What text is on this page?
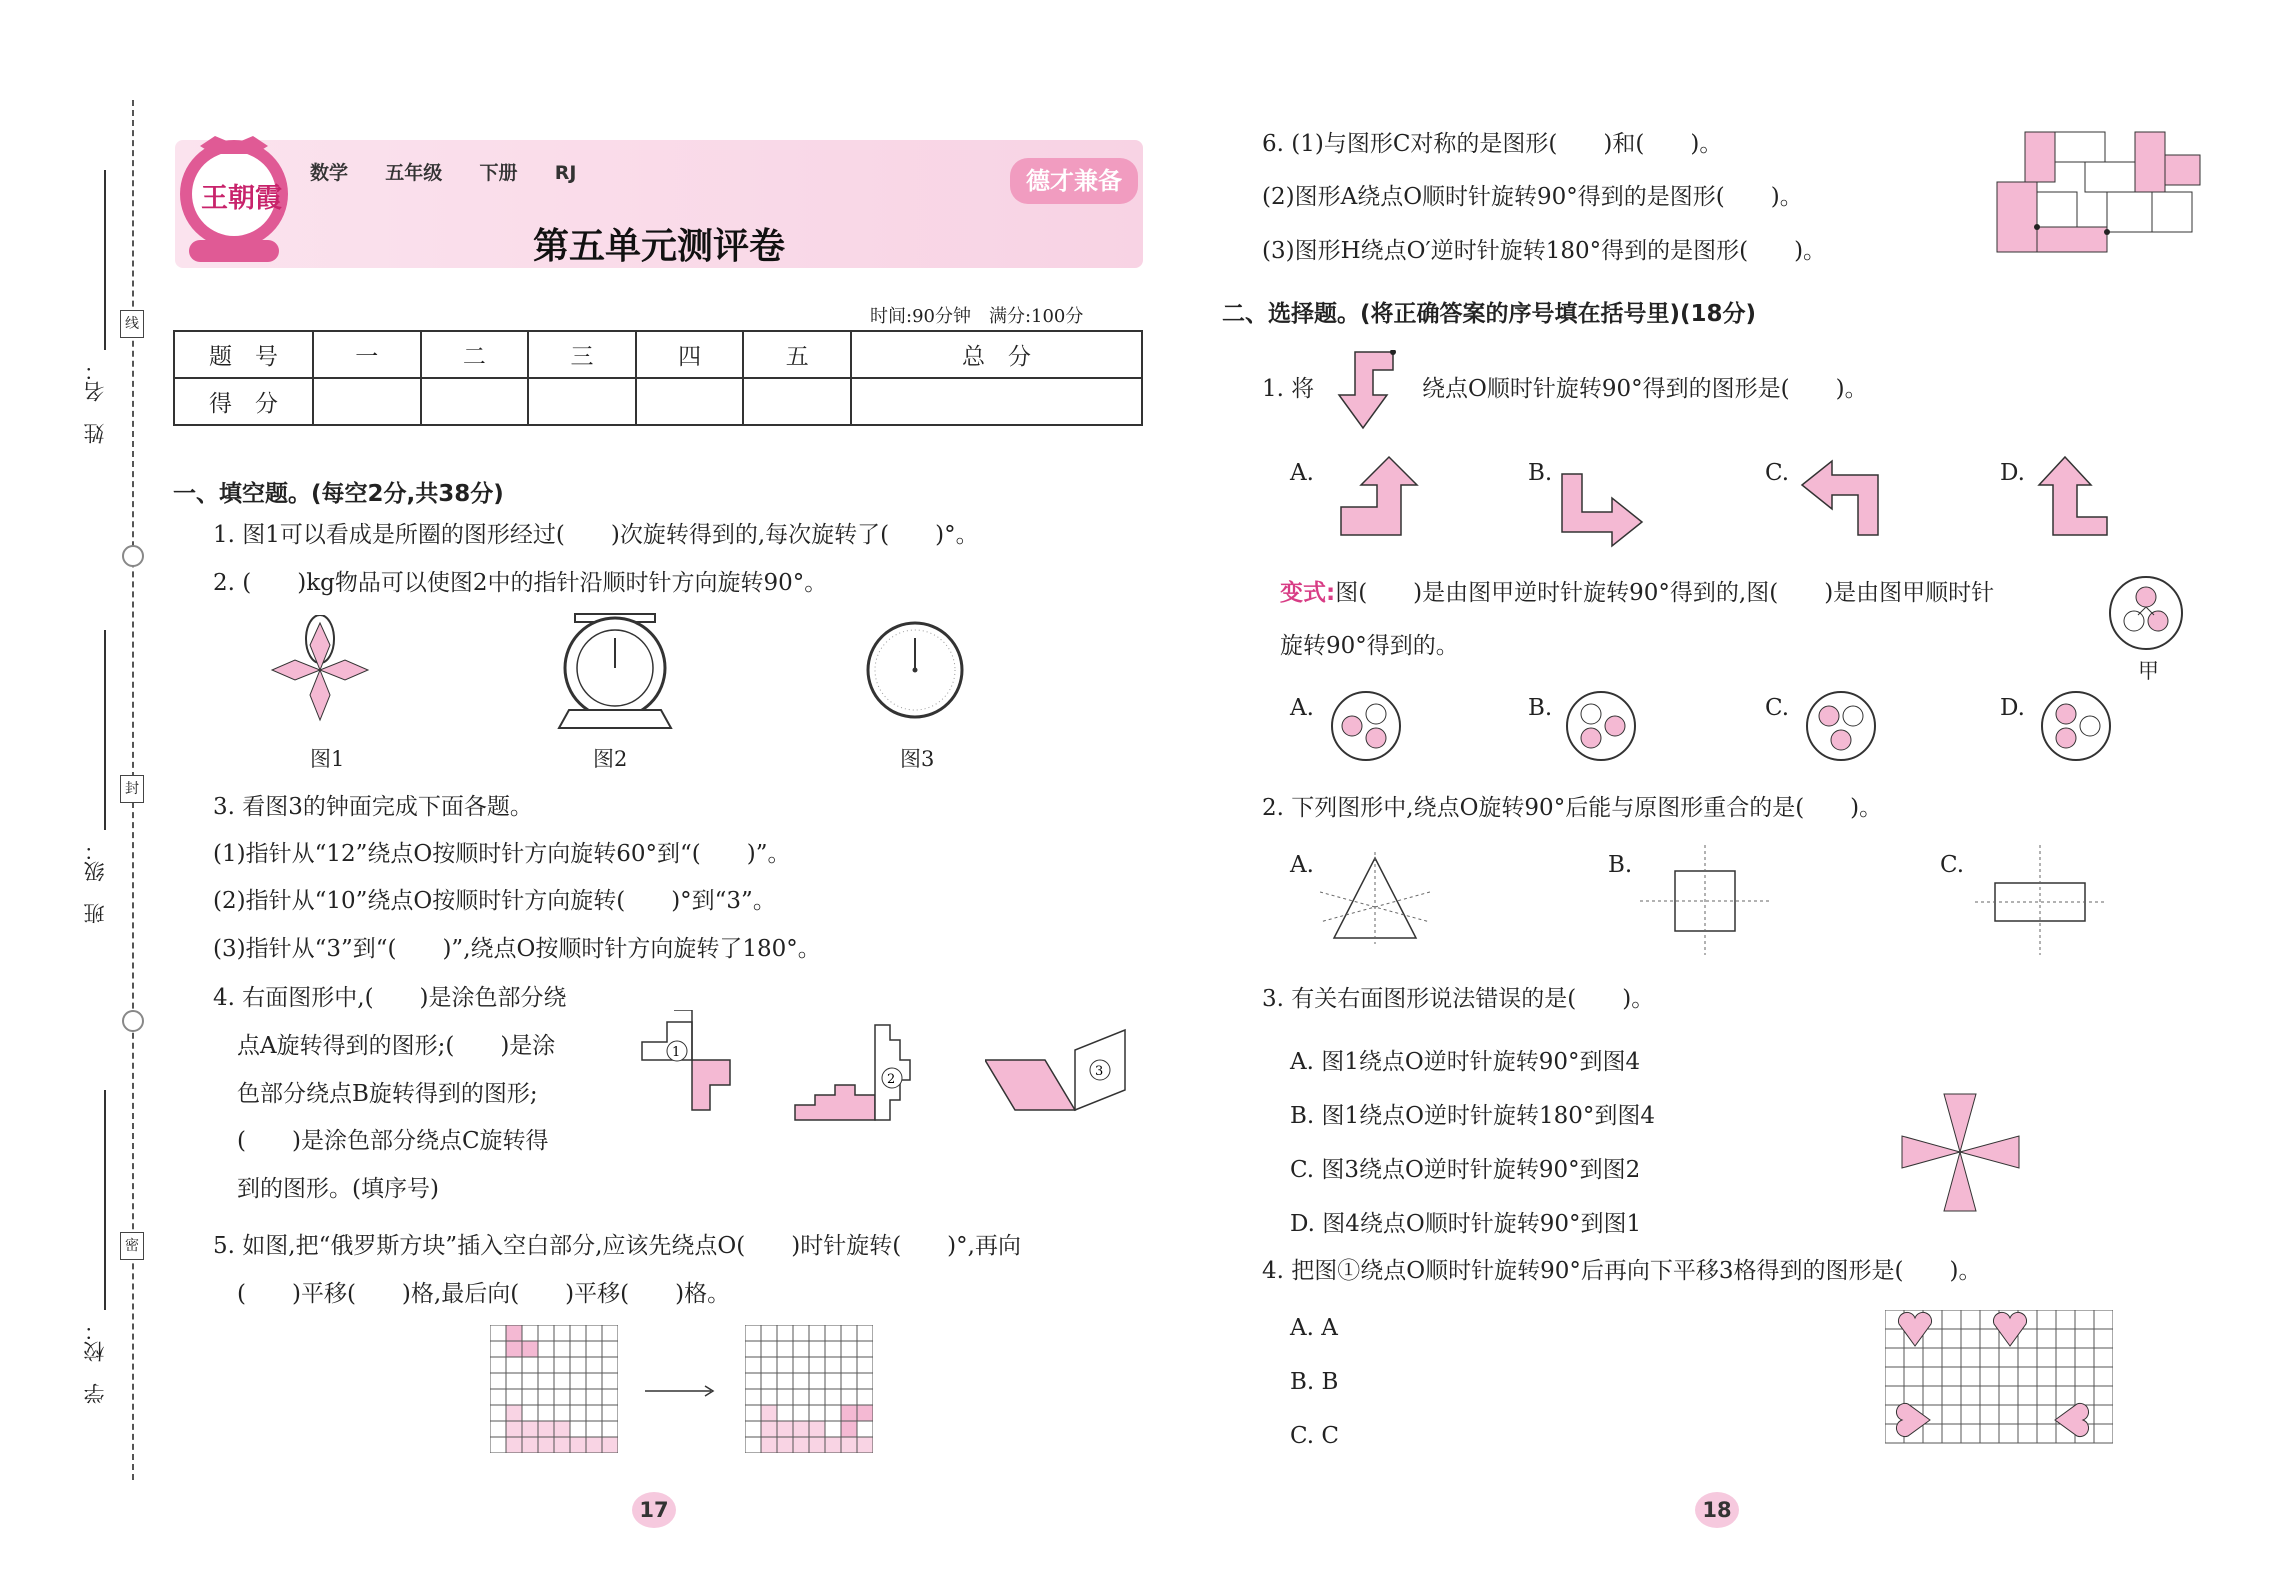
姓　名：
班　级：
学　校：
线
封
密
王朝霞
数学 五年级 下册 RJ	德才兼备
第五单元测评卷
时间:90分钟　满分:100分
题　号	一	二	三	四	五	总　分
得　分						
一、填空题。(每空2分,共38分)
1. 图1可以看成是所圈的图形经过(　　)次旋转得到的,每次旋转了(　　)°。
2. (　　)kg物品可以使图2中的指针沿顺时针方向旋转90°。
图1	图2	图3
3. 看图3的钟面完成下面各题。
(1)指针从“12”绕点O按顺时针方向旋转60°到“(　　)”。
(2)指针从“10”绕点O按顺时针方向旋转(　　)°到“3”。
(3)指针从“3”到“(　　)”,绕点O按顺时针方向旋转了180°。
4. 右面图形中,(　　)是涂色部分绕
点A旋转得到的图形;(　　)是涂
色部分绕点B旋转得到的图形;
(　　)是涂色部分绕点C旋转得
到的图形。(填序号)
1
2
3
5. 如图,把“俄罗斯方块”插入空白部分,应该先绕点O(　　)时针旋转(　　)°,再向
(　　)平移(　　)格,最后向(　　)平移(　　)格。
17
6. (1)与图形C对称的是图形(　　)和(　　)。
(2)图形A绕点O顺时针旋转90°得到的是图形(　　)。
(3)图形H绕点O′逆时针旋转180°得到的是图形(　　)。
二、选择题。(将正确答案的序号填在括号里)(18分)
1. 将	绕点O顺时针旋转90°得到的图形是(　　)。
A.	B.	C.	D.
变式:图(　　)是由图甲逆时针旋转90°得到的,图(　　)是由图甲顺时针
旋转90°得到的。
甲
A.	B.	C.	D.
2. 下列图形中,绕点O旋转90°后能与原图形重合的是(　　)。
A.	B.	C.
3. 有关右面图形说法错误的是(　　)。
A. 图1绕点O逆时针旋转90°到图4
B. 图1绕点O逆时针旋转180°到图4
C. 图3绕点O逆时针旋转90°到图2
D. 图4绕点O顺时针旋转90°到图1
4. 把图①绕点O顺时针旋转90°后再向下平移3格得到的图形是(　　)。
A. A
B. B
C. C
18
